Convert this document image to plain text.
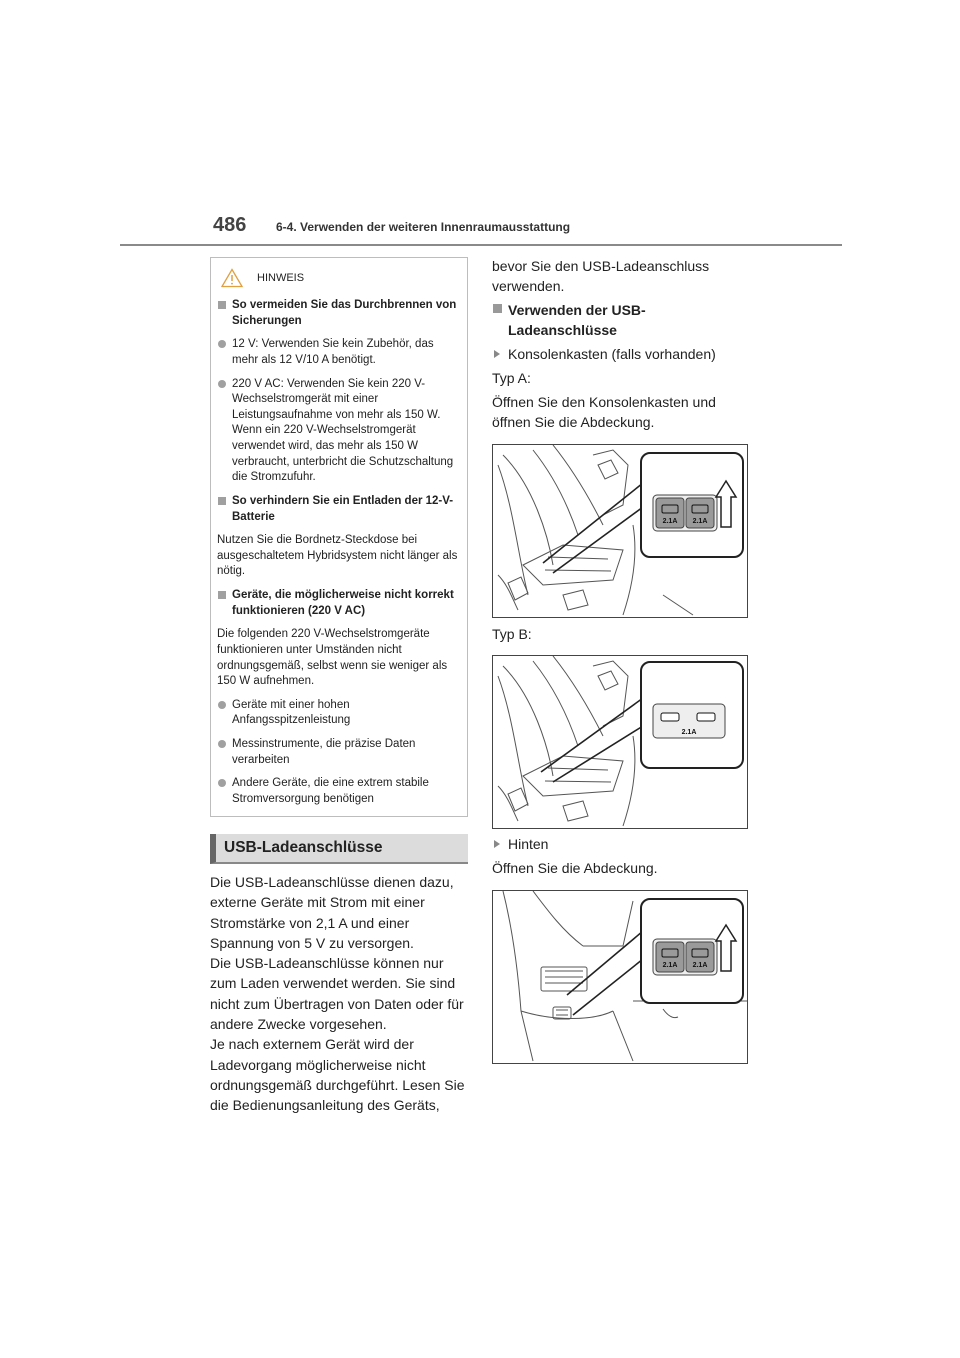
486 6-4. Verwenden der weiteren Innenraumausstattung
HINWEIS
So vermeiden Sie das Durchbrennen von Sicherungen
12 V: Verwenden Sie kein Zubehör, das mehr als 12 V/10 A benötigt.
220 V AC: Verwenden Sie kein 220 V-Wechselstromgerät mit einer Leistungsaufnahme von mehr als 150 W. Wenn ein 220 V-Wechselstromgerät verwendet wird, das mehr als 150 W verbraucht, unterbricht die Schutzschaltung die Stromzufuhr.
So verhindern Sie ein Entladen der 12-V-Batterie
Nutzen Sie die Bordnetz-Steckdose bei ausgeschaltetem Hybridsystem nicht länger als nötig.
Geräte, die möglicherweise nicht korrekt funktionieren (220 V AC)
Die folgenden 220 V-Wechselstromgeräte funktionieren unter Umständen nicht ordnungsgemäß, selbst wenn sie weniger als 150 W aufnehmen.
Geräte mit einer hohen Anfangsspitzenleistung
Messinstrumente, die präzise Daten verarbeiten
Andere Geräte, die eine extrem stabile Stromversorgung benötigen
USB-Ladeanschlüsse

Die USB-Ladeanschlüsse dienen dazu, externe Geräte mit Strom mit einer Stromstärke von 2,1 A und einer Spannung von 5 V zu versorgen.

Die USB-Ladeanschlüsse können nur zum Laden verwendet werden. Sie sind nicht zum Übertragen von Daten oder für andere Zwecke vorgesehen.

Je nach externem Gerät wird der Ladevorgang möglicherweise nicht ordnungsgemäß durchgeführt. Lesen Sie die Bedienungsanleitung des Geräts,

bevor Sie den USB-Ladeanschluss verwenden.

Verwenden der USB-Ladeanschlüsse
Konsolenkasten (falls vorhanden)

Typ A:

Öffnen Sie den Konsolenkasten und öffnen Sie die Abdeckung.

2.1A 2.1A

Typ B:

2.1A
Hinten

Öffnen Sie die Abdeckung.

2.1A 2.1A
